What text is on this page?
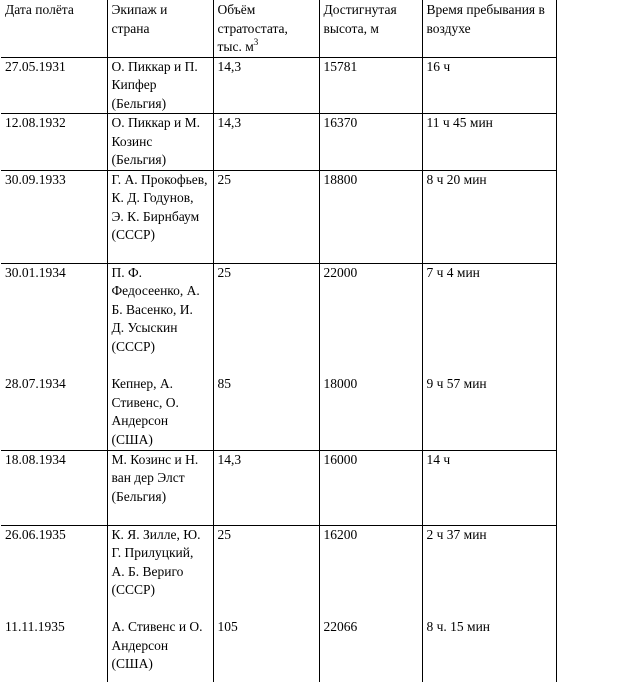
Дата полёта	Экипаж и страна	Объём стратостата, тыс. $м^3$	Достигнутая высота, м	Время пребывания в воздухе
27.05.1931	О. Пиккар и П. Кипфер (Бельгия)	14,3	15781	16 ч
12.08.1932	О. Пиккар и М. Козинс (Бельгия)	14,3	16370	11 ч 45 мин
30.09.1933	Г. А. Прокофьев, К. Д. Годунов, Э. К. Бирнбаум (СССР)	25	18800	8 ч 20 мин
30.01.1934	П. Ф. Федосеенко, А. Б. Васенко, И. Д. Усыскин (СССР)	25	22000	7 ч 4 мин
28.07.1934	Кепнер, А. Стивенс, О. Андерсон (США)	85	18000	9 ч 57 мин
18.08.1934	М. Козинс и Н. ван дер Элст (Бельгия)	14,3	16000	14 ч
26.06.1935	К. Я. Зилле, Ю. Г. Прилуцкий, А. Б. Вериго (СССР)	25	16200	2 ч 37 мин
11.11.1935	А. Стивенс и О. Андерсон (США)	105	22066	8 ч. 15 мин
